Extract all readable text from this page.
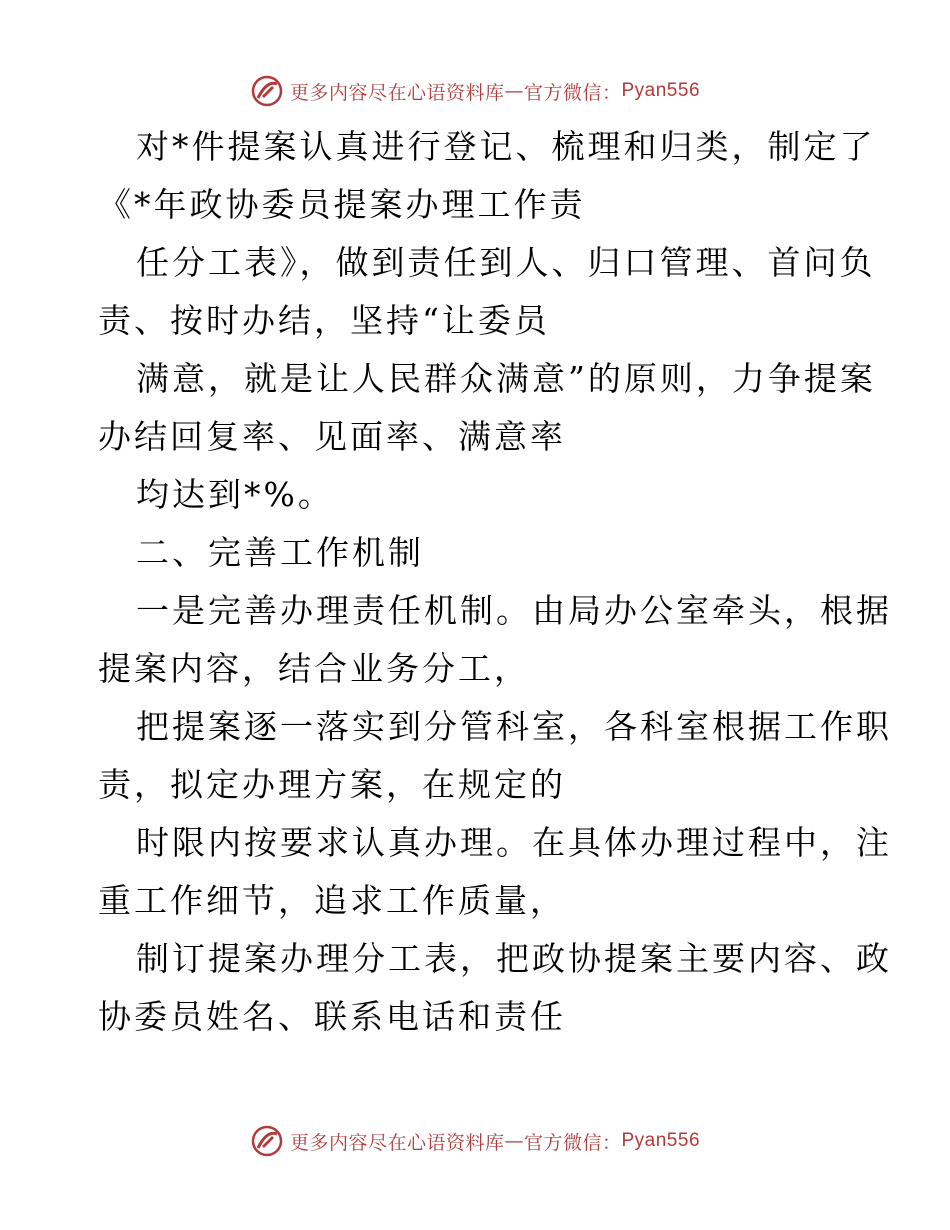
更多内容尽在心语资料库 — 官方微信： Pyan556
对*件提案认真进行登记、梳理和归类，制定了
《*年政协委员提案办理工作责
任分工表》，做到责任到人、归口管理、首问负
责、按时办结，坚持“让委员
满意，就是让人民群众满意”的原则，力争提案
办结回复率、见面率、满意率
均达到*%。
二、完善工作机制
一是完善办理责任机制。由局办公室牵头，根据
提案内容，结合业务分工，
把提案逐一落实到分管科室，各科室根据工作职
责，拟定办理方案，在规定的
时限内按要求认真办理。在具体办理过程中，注
重工作细节，追求工作质量，
制订提案办理分工表，把政协提案主要内容、政
协委员姓名、联系电话和责任
更多内容尽在心语资料库 — 官方微信： Pyan556
